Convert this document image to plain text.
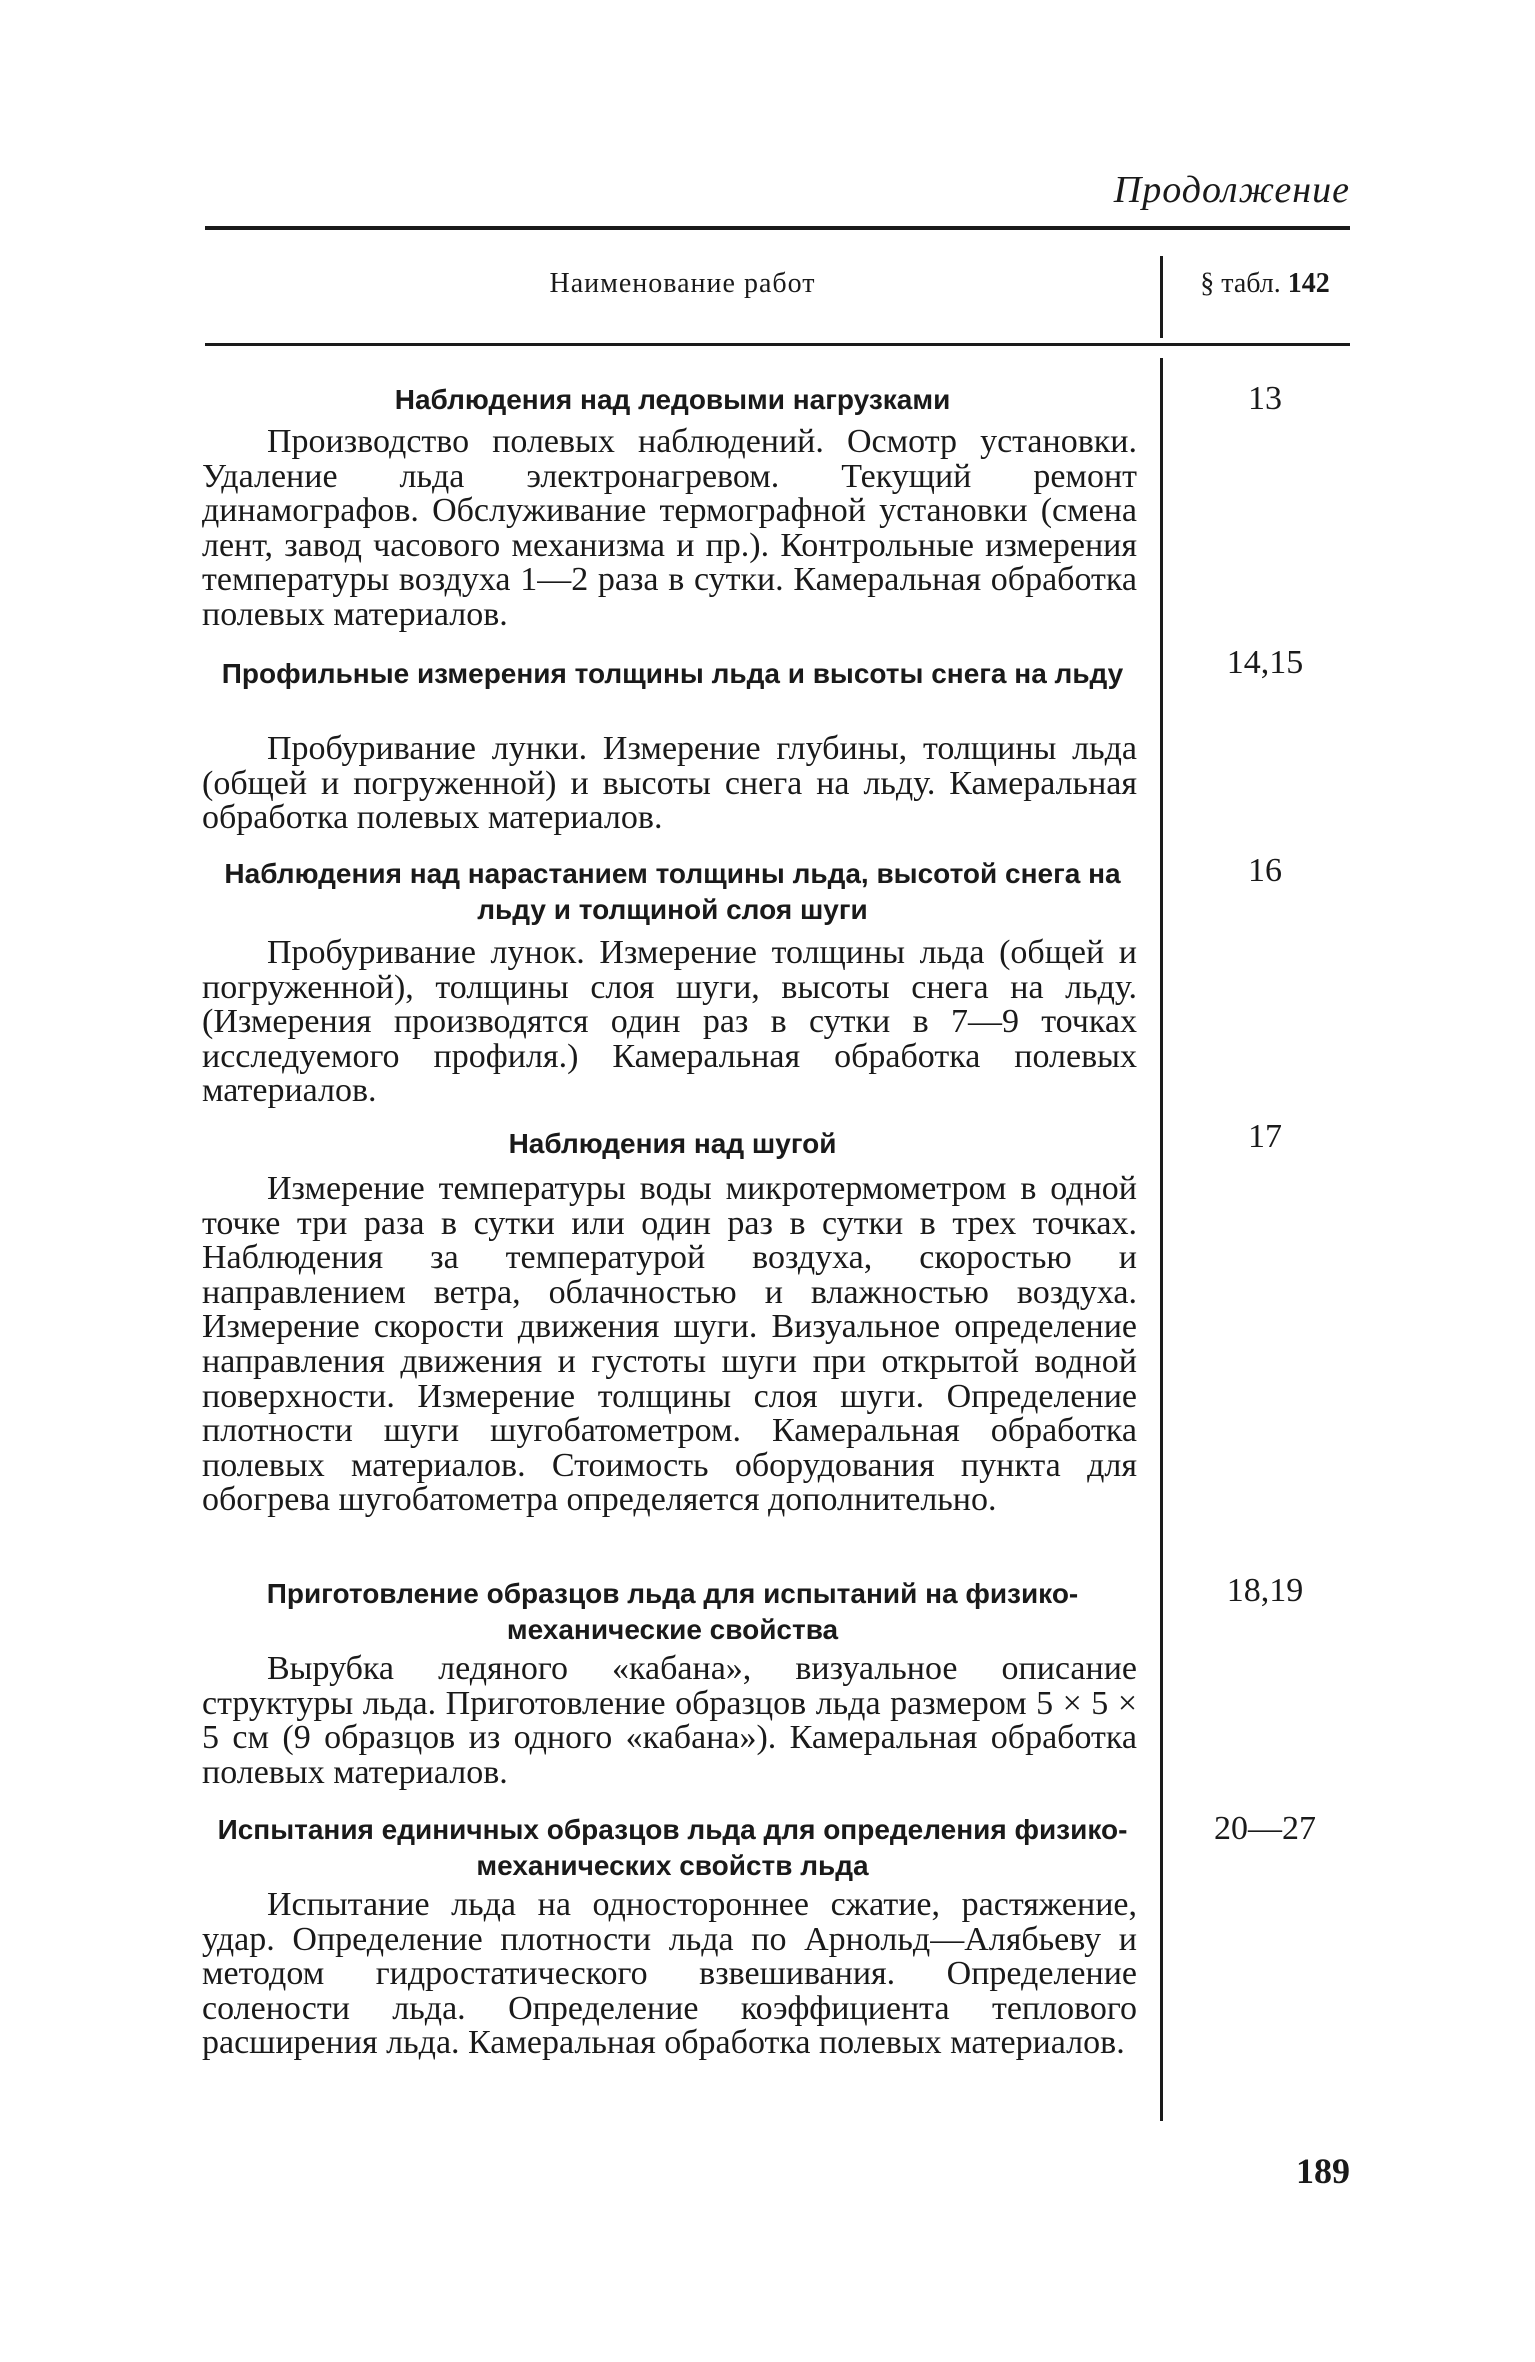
Продолжение
Наименование работ	§ табл. 142
Наблюдения над ледовыми нагрузками
Производство полевых наблюдений. Осмотр установки. Удаление льда электронагревом. Текущий ремонт динамографов. Обслуживание термографной установки (смена лент, завод часового механизма и пр.). Контрольные измерения температуры воздуха 1—2 раза в сутки. Камеральная обработка полевых материалов.
13
Профильные измерения толщины льда и высоты снега на льду
Пробуривание лунки. Измерение глубины, толщины льда (общей и погруженной) и высоты снега на льду. Камеральная обработка полевых материалов.
14,15
Наблюдения над нарастанием толщины льда, высотой снега на льду и толщиной слоя шуги
Пробуривание лунок. Измерение толщины льда (общей и погруженной), толщины слоя шуги, высоты снега на льду. (Измерения производятся один раз в сутки в 7—9 точках исследуемого профиля.) Камеральная обработка полевых материалов.
16
Наблюдения над шугой
Измерение температуры воды микротермометром в одной точке три раза в сутки или один раз в сутки в трех точках. Наблюдения за температурой воздуха, скоростью и направлением ветра, облачностью и влажностью воздуха. Измерение скорости движения шуги. Визуальное определение направления движения и густоты шуги при открытой водной поверхности. Измерение толщины слоя шуги. Определение плотности шуги шугобатометром. Камеральная обработка полевых материалов. Стоимость оборудования пункта для обогрева шугобатометра определяется дополнительно.
17
Приготовление образцов льда для испытаний на физико-механические свойства
Вырубка ледяного «кабана», визуальное описание структуры льда. Приготовление образцов льда размером 5 × 5 × 5 см (9 образцов из одного «кабана»). Камеральная обработка полевых материалов.
18,19
Испытания единичных образцов льда для определения физико-механических свойств льда
Испытание льда на одностороннее сжатие, растяжение, удар. Определение плотности льда по Арнольд—Алябьеву и методом гидростатического взвешивания. Определение солености льда. Определение коэффициента теплового расширения льда. Камеральная обработка полевых материалов.
20—27
189
